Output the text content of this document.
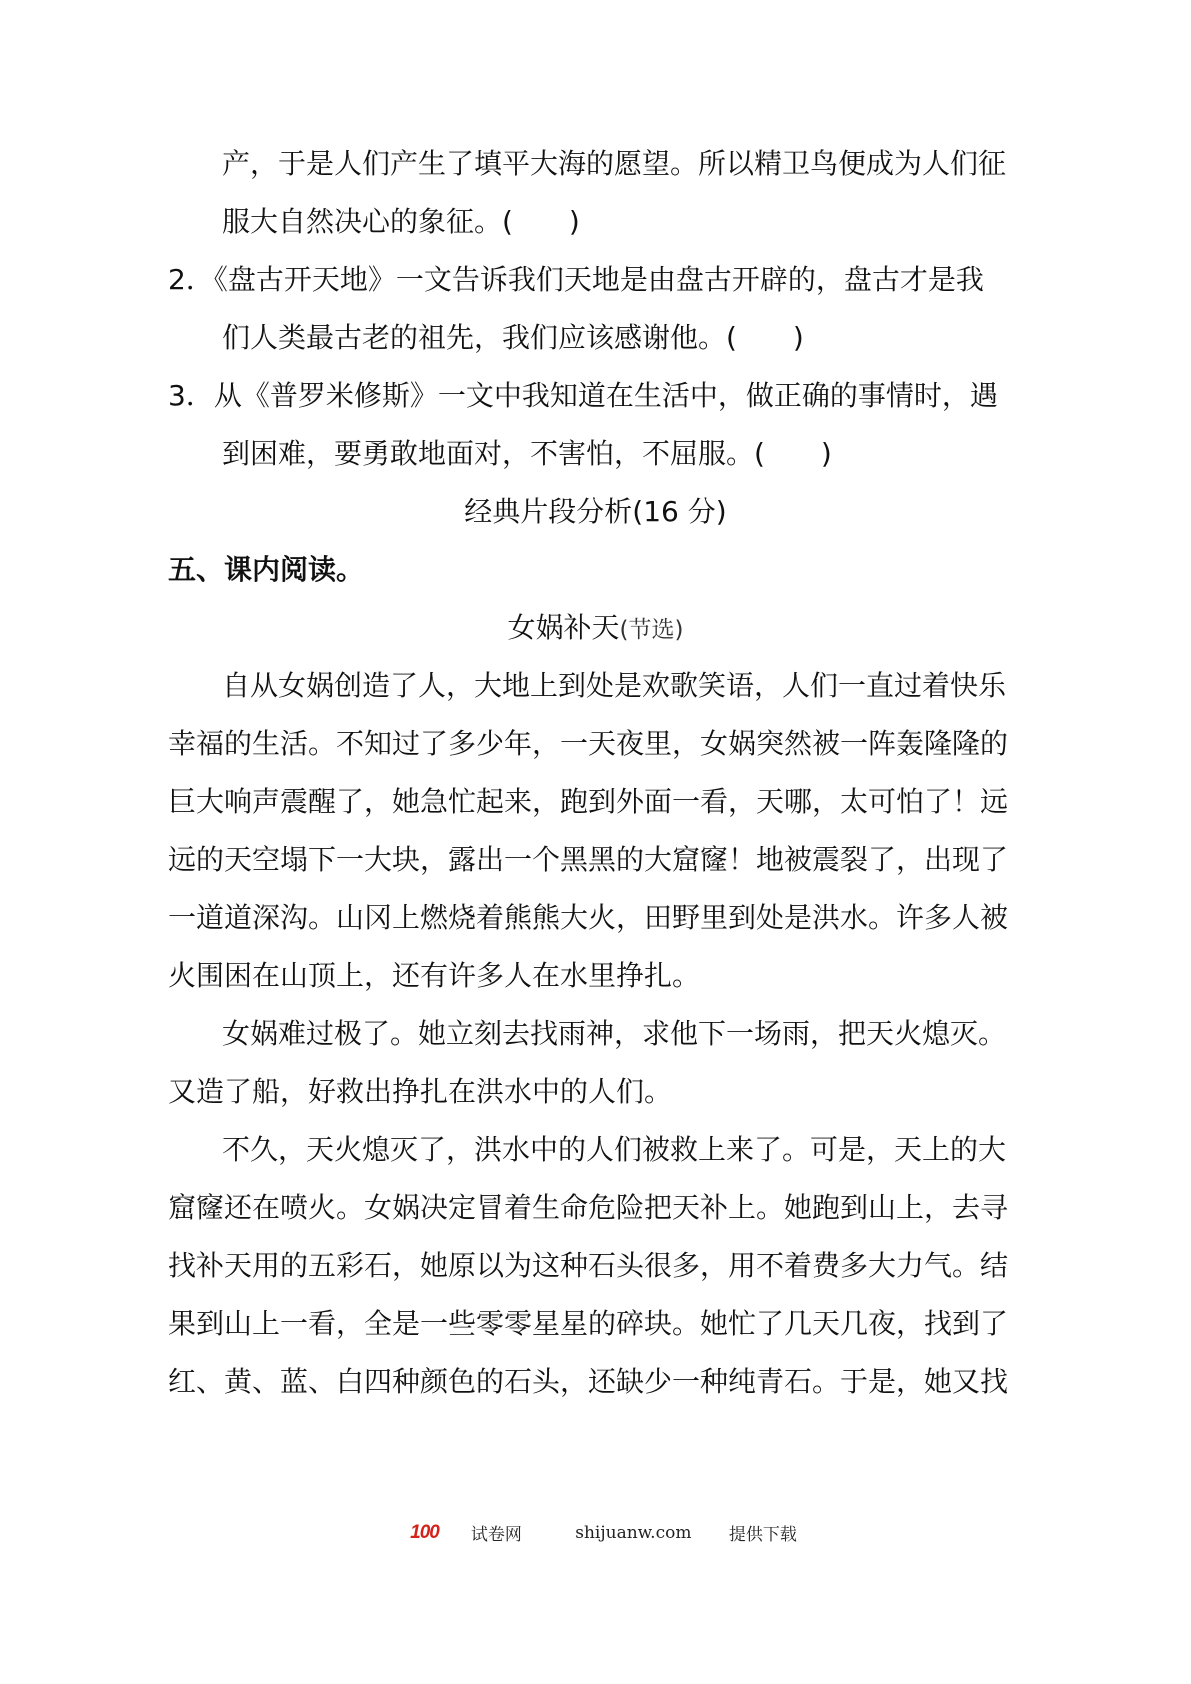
产，于是人们产生了填平大海的愿望。所以精卫鸟便成为人们征
服大自然决心的象征。(　　)
2．《盘古开天地》一文告诉我们天地是由盘古开辟的，盘古才是我
们人类最古老的祖先，我们应该感谢他。(　　)
3．从《普罗米修斯》一文中我知道在生活中，做正确的事情时，遇
到困难，要勇敢地面对，不害怕，不屈服。(　　)
经典片段分析(16 分)
五、课内阅读。
女娲补天(节选)
自从女娲创造了人，大地上到处是欢歌笑语，人们一直过着快乐
幸福的生活。不知过了多少年，一天夜里，女娲突然被一阵轰隆隆的
巨大响声震醒了，她急忙起来，跑到外面一看，天哪，太可怕了！远
远的天空塌下一大块，露出一个黑黑的大窟窿！地被震裂了，出现了
一道道深沟。山冈上燃烧着熊熊大火，田野里到处是洪水。许多人被
火围困在山顶上，还有许多人在水里挣扎。
女娲难过极了。她立刻去找雨神，求他下一场雨，把天火熄灭。
又造了船，好救出挣扎在洪水中的人们。
不久，天火熄灭了，洪水中的人们被救上来了。可是，天上的大
窟窿还在喷火。女娲决定冒着生命危险把天补上。她跑到山上，去寻
找补天用的五彩石，她原以为这种石头很多，用不着费多大力气。结
果到山上一看，全是一些零零星星的碎块。她忙了几天几夜，找到了
红、黄、蓝、白四种颜色的石头，还缺少一种纯青石。于是，她又找
100 试卷网	shijuanw.com 提供下载
